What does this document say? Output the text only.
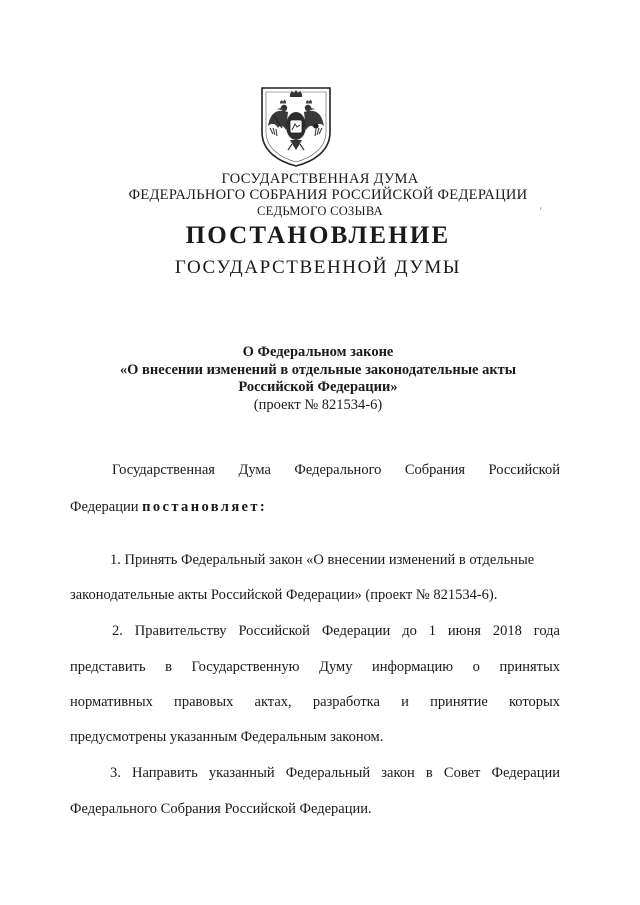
ГОСУДАРСТВЕННАЯ ДУМА
ФЕДЕРАЛЬНОГО СОБРАНИЯ РОССИЙСКОЙ ФЕДЕРАЦИИ
СЕДЬМОГО СОЗЫВА	'
ПОСТАНОВЛЕНИЕ
ГОСУДАРСТВЕННОЙ ДУМЫ
О Федеральном законе
«О внесении изменений в отдельные законодательные акты
Российской Федерации»
(проект № 821534-6)
Государственная Дума Федерального Собрания Российской
Федерации постановляет:
1. Принять Федеральный закон «О внесении изменений в отдельные
законодательные акты Российской Федерации» (проект № 821534-6).
2. Правительству Российской Федерации до 1 июня 2018 года
представить в Государственную Думу информацию о принятых
нормативных правовых актах, разработка и принятие которых
предусмотрены указанным Федеральным законом.
3. Направить указанный Федеральный закон в Совет Федерации
Федерального Собрания Российской Федерации.
